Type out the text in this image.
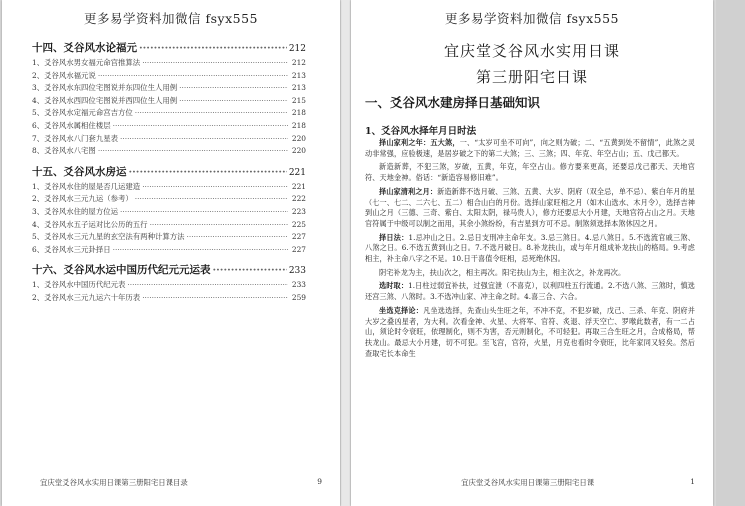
更多易学资料加微信 fsyx555
十四、爻谷风水论福元 ·····	212
1、爻谷风水男女福元命宫推算法 ·····	212
2、爻谷风水福元说 ·····	213
3、爻谷风水东四位宅图说并东四位生人用例 ·····	213
4、爻谷风水西四位宅图说并西四位生人用例 ·····	215
5、爻谷风水定福元命宫吉方位 ·····	218
6、爻谷风水属相住楼层 ·····	218
7、爻谷风水八门套九星表 ·····	220
8、爻谷风水八宅图 ·····	220
十五、爻谷风水房运 ·····	221
1、爻谷风水住的屋是否几运建造 ·····	221
2、爻谷风水三元九运（参考） ·····	222
3、爻谷风水住的屋方位运 ·····	223
4、爻谷风水五子运对比公历的五行 ·····	225
5、爻谷风水三元九星的玄空法有两种计算方法 ·····	227
6、爻谷风水三元卦择日 ·····	227
十六、爻谷风水运中国历代纪元元运表 ·····	233
1、爻谷风水中国历代纪元表 ·····	233
2、爻谷风水三元九运六十年历表 ·····	259
宜庆堂爻谷风水实用日课第三册阳宅日课目录	9
更多易学资料加微信 fsyx555
宜庆堂爻谷风水实用日课
第三册阳宅日课
一、爻谷风水建房择日基础知识
1、爻谷风水择年月日时法

择山家利之年：五大煞，一、“太岁可坐不可向”，向之则为破；二、“五黄到处不留情”，此煞之灵动非常强，应验极速，是居岁破之下的第二大煞；三、三煞；四、年克、年空占山；五、戊己都天。

新造新葬，不犯三煞，岁破，五黄，年克，年空占山。修方要来更高，还要忌戊己都天、天地官符、天地金神。俗话：“新造容易修旧难”。

择山家清利之月：新造新葬不选月破、三煞、五黄、大岁、阴府（双全忌，单不忌）、紫白年月的星（七一、七二、二六七、五二）相合山白的月份。选择山家旺相之月（如木山选水、木月令），选择吉神到山之月（三德、三奇、紫白、太阳太阴，禄马贵人），修方还要忌大小月建，天地官符占山之月。天地官符属于中级可以制之而用，其余小煞纷纷，有吉星到方可不忌。制煞须选择本煞休囚之月。

择日法：1.忌冲山之日。2.忌日支刑冲主命年支。3.忌三煞日。4.忌八煞日。5.不选流官戚三煞、八煞之日。6.不选五黄到山之日。7.不选月破日。8.补龙扶山，或与年月组成补龙扶山的格局。9.考虑相主，补主命八字之不足。10.日干喜值令旺相，忌死绝休囚。

阴宅补龙为主，扶山次之，相主再次。阳宅扶山为主，相主次之，补龙再次。

选时取：1.日柱过弱宜补扶，过强宜泄（不喜克），以利四柱五行流通。2.不选八煞、三煞时，慎选还宫三煞、八煞时。3.不选冲山家、冲主命之时。4.喜三合、六合。

坐选克择论：凡坐选选择，先查山头生旺之年，不冲不克，不犯岁破，戊己、三杀、年克、阴府并大岁之叠凶星者，为大利。次看金神、火星、大将军、官符、炙退、浮天空亡、罗喉此数者，有一二占山，须论时令衰旺，依理制化，则不为害，否元则制化，不可轻犯。再取三合生旺之月，合成格局，帮扶龙山。最忌大小月建，切不可犯。至飞宫，官符，火星，月克也看时令衰旺，比年家同又轻矣。然后查取宅长本命生

宜庆堂爻谷风水实用日课第三册阳宅日课	1
